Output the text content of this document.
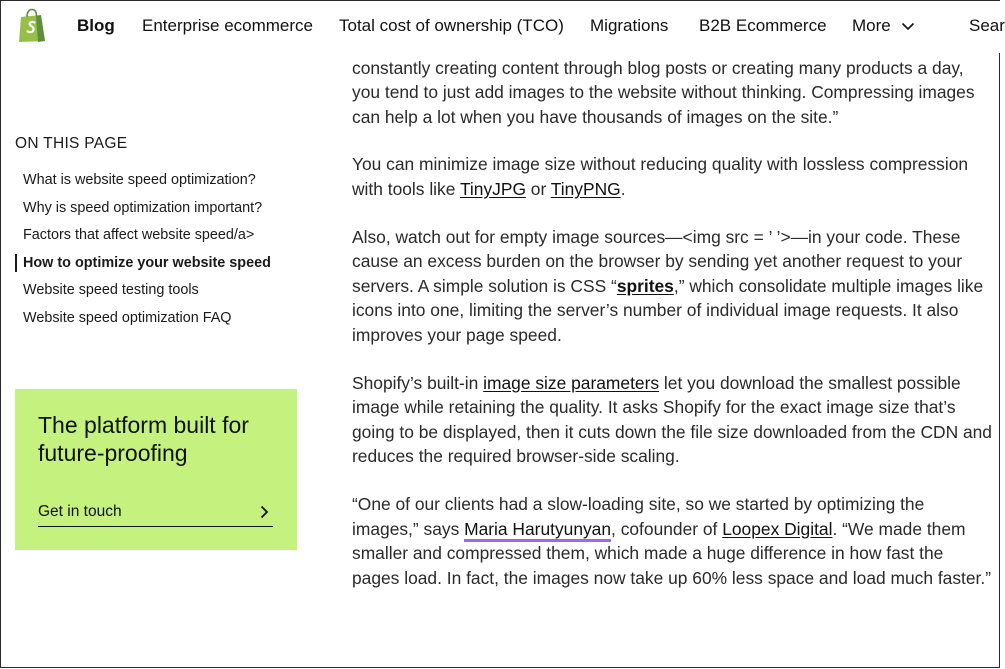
constantly creating content through blog posts or creating many products a day, you tend to just add images to the website without thinking. Compressing images can help a lot when you have thousands of images on the site.”

You can minimize image size without reducing quality with lossless compression with tools like TinyJPG or TinyPNG.

Also, watch out for empty image sources—<img src = ’ ’>—in your code. These cause an excess burden on the browser by sending yet another request to your servers. A simple solution is CSS “sprites,” which consolidate multiple images like icons into one, limiting the server’s number of individual image requests. It also improves your page speed.

Shopify’s built-in image size parameters let you download the smallest possible image while retaining the quality. It asks Shopify for the exact image size that’s going to be displayed, then it cuts down the file size downloaded from the CDN and reduces the required browser-side scaling.

“One of our clients had a slow-loading site, so we started by optimizing the images,” says Maria Harutyunyan, cofounder of Loopex Digital. “We made them smaller and compressed them, which made a huge difference in how fast the pages load. In fact, the images now take up 60% less space and load much faster.”

Blog Enterprise ecommerce Total cost of ownership (TCO) Migrations B2B Ecommerce More	Sear
ON THIS PAGE
What is website speed optimization?
Why is speed optimization important?
Factors that affect website speed/a>
How to optimize your website speed
Website speed testing tools
Website speed optimization FAQ
The platform built for future-proofing
Get in touch
